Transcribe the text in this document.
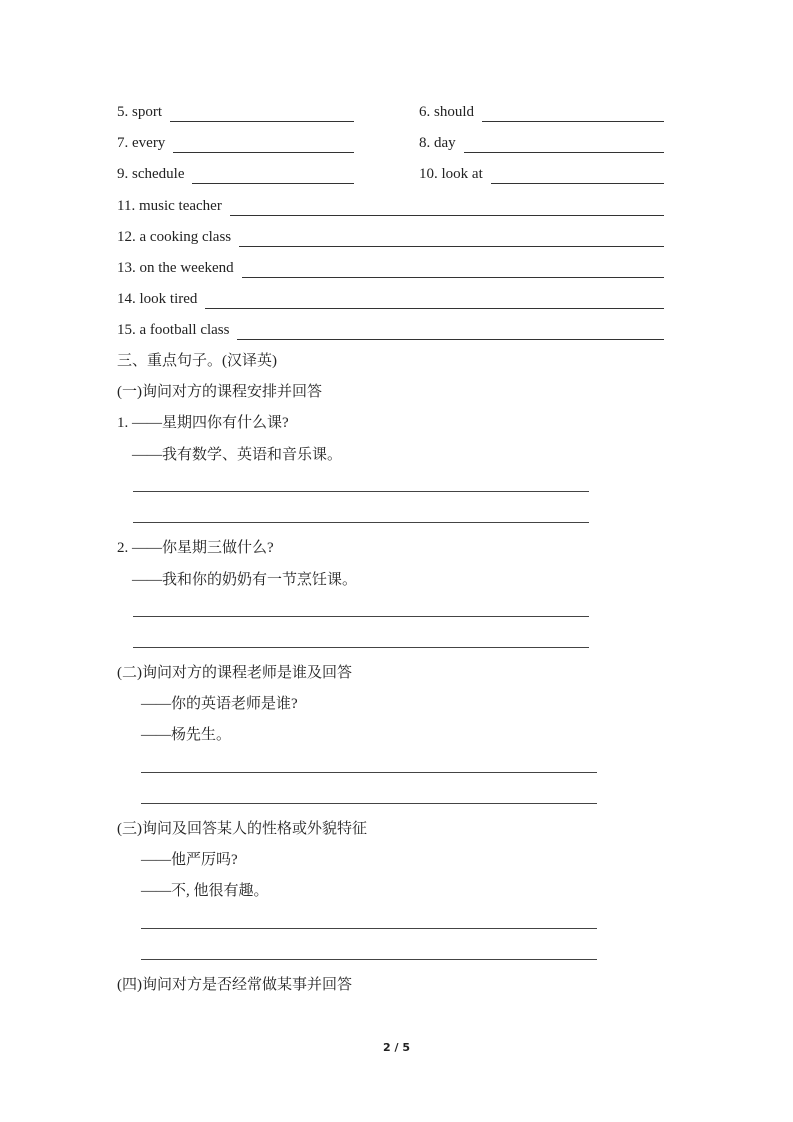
5. sport	6. should
7. every	8. day
9. schedule	10. look at
11. music teacher
12. a cooking class
13. on the weekend
14. look tired
15. a football class
三、重点句子。(汉译英)
(一)询问对方的课程安排并回答
1. ——星期四你有什么课?
——我有数学、英语和音乐课。
2. ——你星期三做什么?
——我和你的奶奶有一节烹饪课。
(二)询问对方的课程老师是谁及回答
——你的英语老师是谁?
——杨先生。
(三)询问及回答某人的性格或外貌特征
——他严厉吗?
——不, 他很有趣。
(四)询问对方是否经常做某事并回答
2 / 5
